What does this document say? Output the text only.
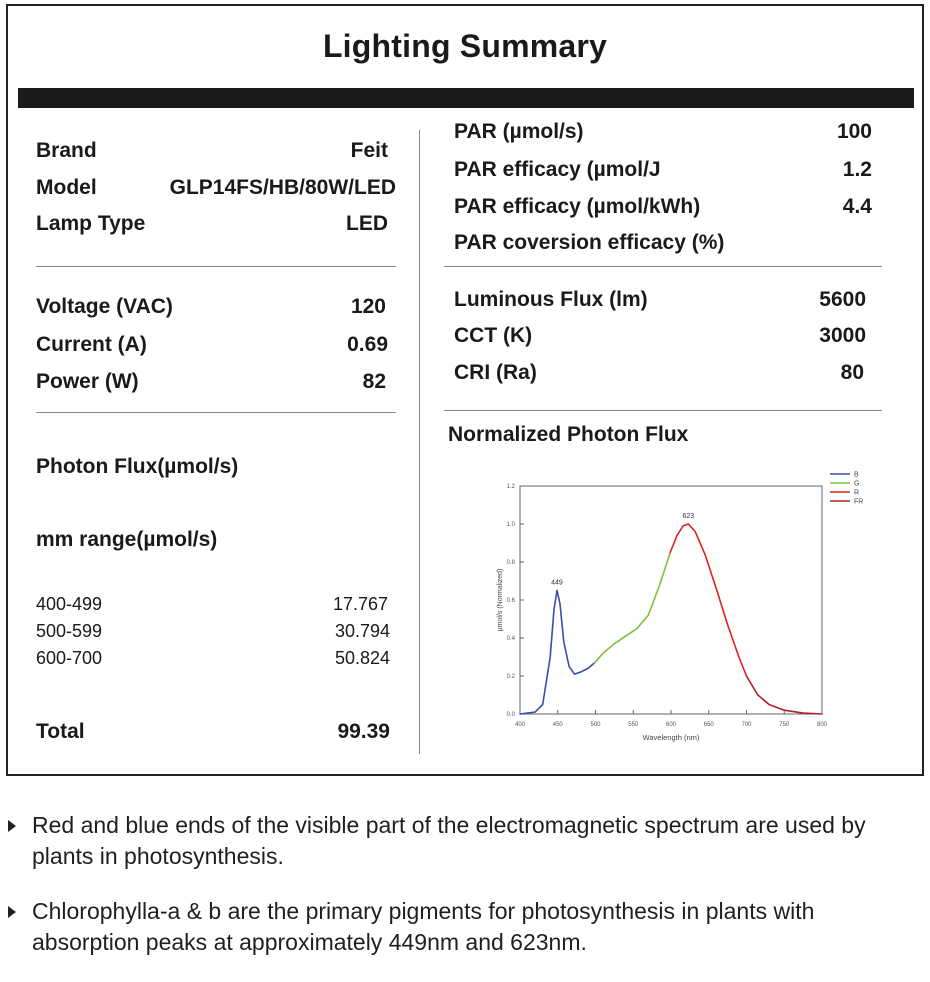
Lighting Summary
Brand	Feit
Model	GLP14FS/HB/80W/LED
Lamp Type	LED
Voltage (VAC)	120
Current (A)	0.69
Power (W)	82
Photon Flux(µmol/s)
mm range(µmol/s)
400-499	17.767
500-599	30.794
600-700	50.824
Total	99.39
PAR (µmol/s)	100
PAR efficacy (µmol/J	1.2
PAR efficacy (µmol/kWh)	4.4
PAR coversion efficacy (%)
Luminous Flux (lm)	5600
CCT (K)	3000
CRI (Ra)	80
Normalized Photon Flux
400	450	500	550	600	650	700	750	800
0.0
0.2
0.4
0.6
0.8
1.0
1.2
Wavelength (nm)
μmol/s (Normalized)	449
623
B
G
R
FR
Red and blue ends of the visible part of the electromagnetic spectrum are used by plants in photosynthesis.
Chlorophylla-a & b are the primary pigments for photosynthesis in plants with absorption peaks at approximately 449nm and 623nm.
